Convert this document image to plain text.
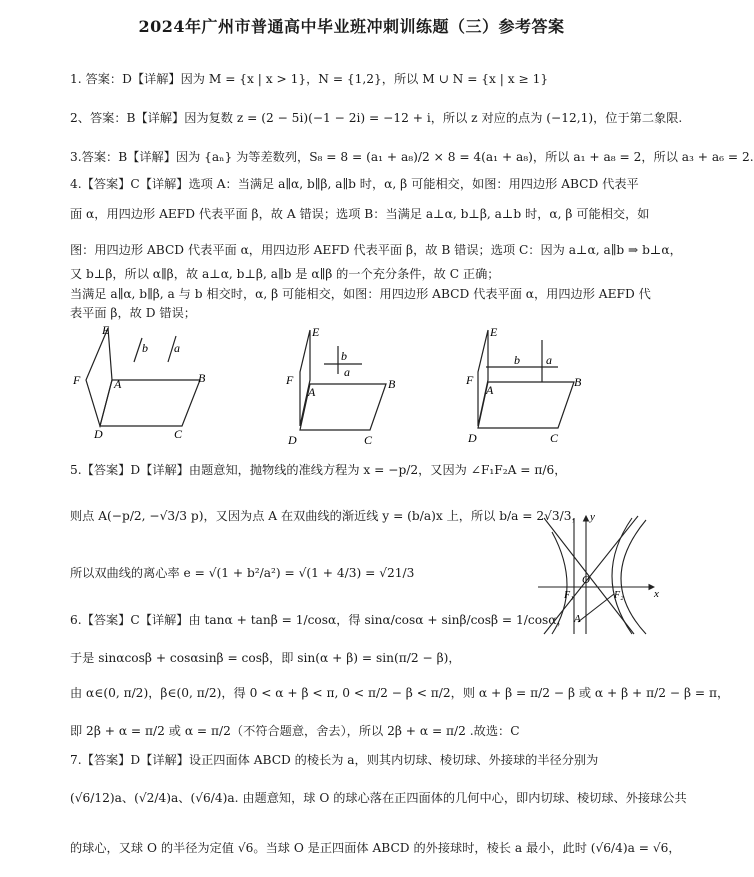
2024年广州市普通高中毕业班冲刺训练题（三）参考答案
1. 答案：D【详解】因为 M = {x | x > 1}，N = {1,2}，所以 M ∪ N = {x | x ≥ 1}
2、答案：B【详解】因为复数 z = (2 − 5i)(−1 − 2i) = −12 + i，所以 z 对应的点为 (−12,1)，位于第二象限.
3.答案：B【详解】因为 {aₙ} 为等差数列，S₈ = 8 = (a₁ + a₈)/2 × 8 = 4(a₁ + a₈)，所以 a₁ + a₈ = 2，所以 a₃ + a₆ = 2.
4.【答案】C【详解】选项 A：当满足 a∥α, b∥β, a∥b 时，α, β 可能相交，如图：用四边形 ABCD 代表平
面 α，用四边形 AEFD 代表平面 β，故 A 错误；选项 B：当满足 a⊥α, b⊥β, a⊥b 时，α, β 可能相交，如
图：用四边形 ABCD 代表平面 α，用四边形 AEFD 代表平面 β，故 B 错误；选项 C：因为 a⊥α, a∥b ⇒ b⊥α，
又 b⊥β，所以 α∥β，故 a⊥α, b⊥β, a∥b 是 α∥β 的一个充分条件，故 C 正确；
当满足 a∥α, b∥β, a 与 b 相交时，α, β 可能相交，如图：用四边形 ABCD 代表平面 α，用四边形 AEFD 代
表平面 β，故 D 错误；
E
b a
F	A	B
D	C
E
b
a
F
A
B
D	C
E
b a
F
A
B
D	C
5.【答案】D【详解】由题意知，抛物线的准线方程为 x = −p/2，又因为 ∠F₁F₂A = π/6，
则点 A(−p/2, −√3/3 p)，又因为点 A 在双曲线的渐近线 y = (b/a)x 上，所以 b/a = 2√3/3，
所以双曲线的离心率 e = √(1 + b²/a²) = √(1 + 4/3) = √21/3
y
O
x
F₁	F₂
A
6.【答案】C【详解】由 tanα + tanβ = 1/cosα，得 sinα/cosα + sinβ/cosβ = 1/cosα，
于是 sinαcosβ + cosαsinβ = cosβ，即 sin(α + β) = sin(π/2 − β)，
由 α∈(0, π/2)，β∈(0, π/2)，得 0 < α + β < π, 0 < π/2 − β < π/2，则 α + β = π/2 − β 或 α + β + π/2 − β = π，
即 2β + α = π/2 或 α = π/2（不符合题意，舍去），所以 2β + α = π/2 .故选：C
7.【答案】D【详解】设正四面体 ABCD 的棱长为 a，则其内切球、棱切球、外接球的半径分别为
(√6/12)a、(√2/4)a、(√6/4)a. 由题意知，球 O 的球心落在正四面体的几何中心，即内切球、棱切球、外接球公共
的球心，又球 O 的半径为定值 √6。当球 O 是正四面体 ABCD 的外接球时，棱长 a 最小，此时 (√6/4)a = √6，
